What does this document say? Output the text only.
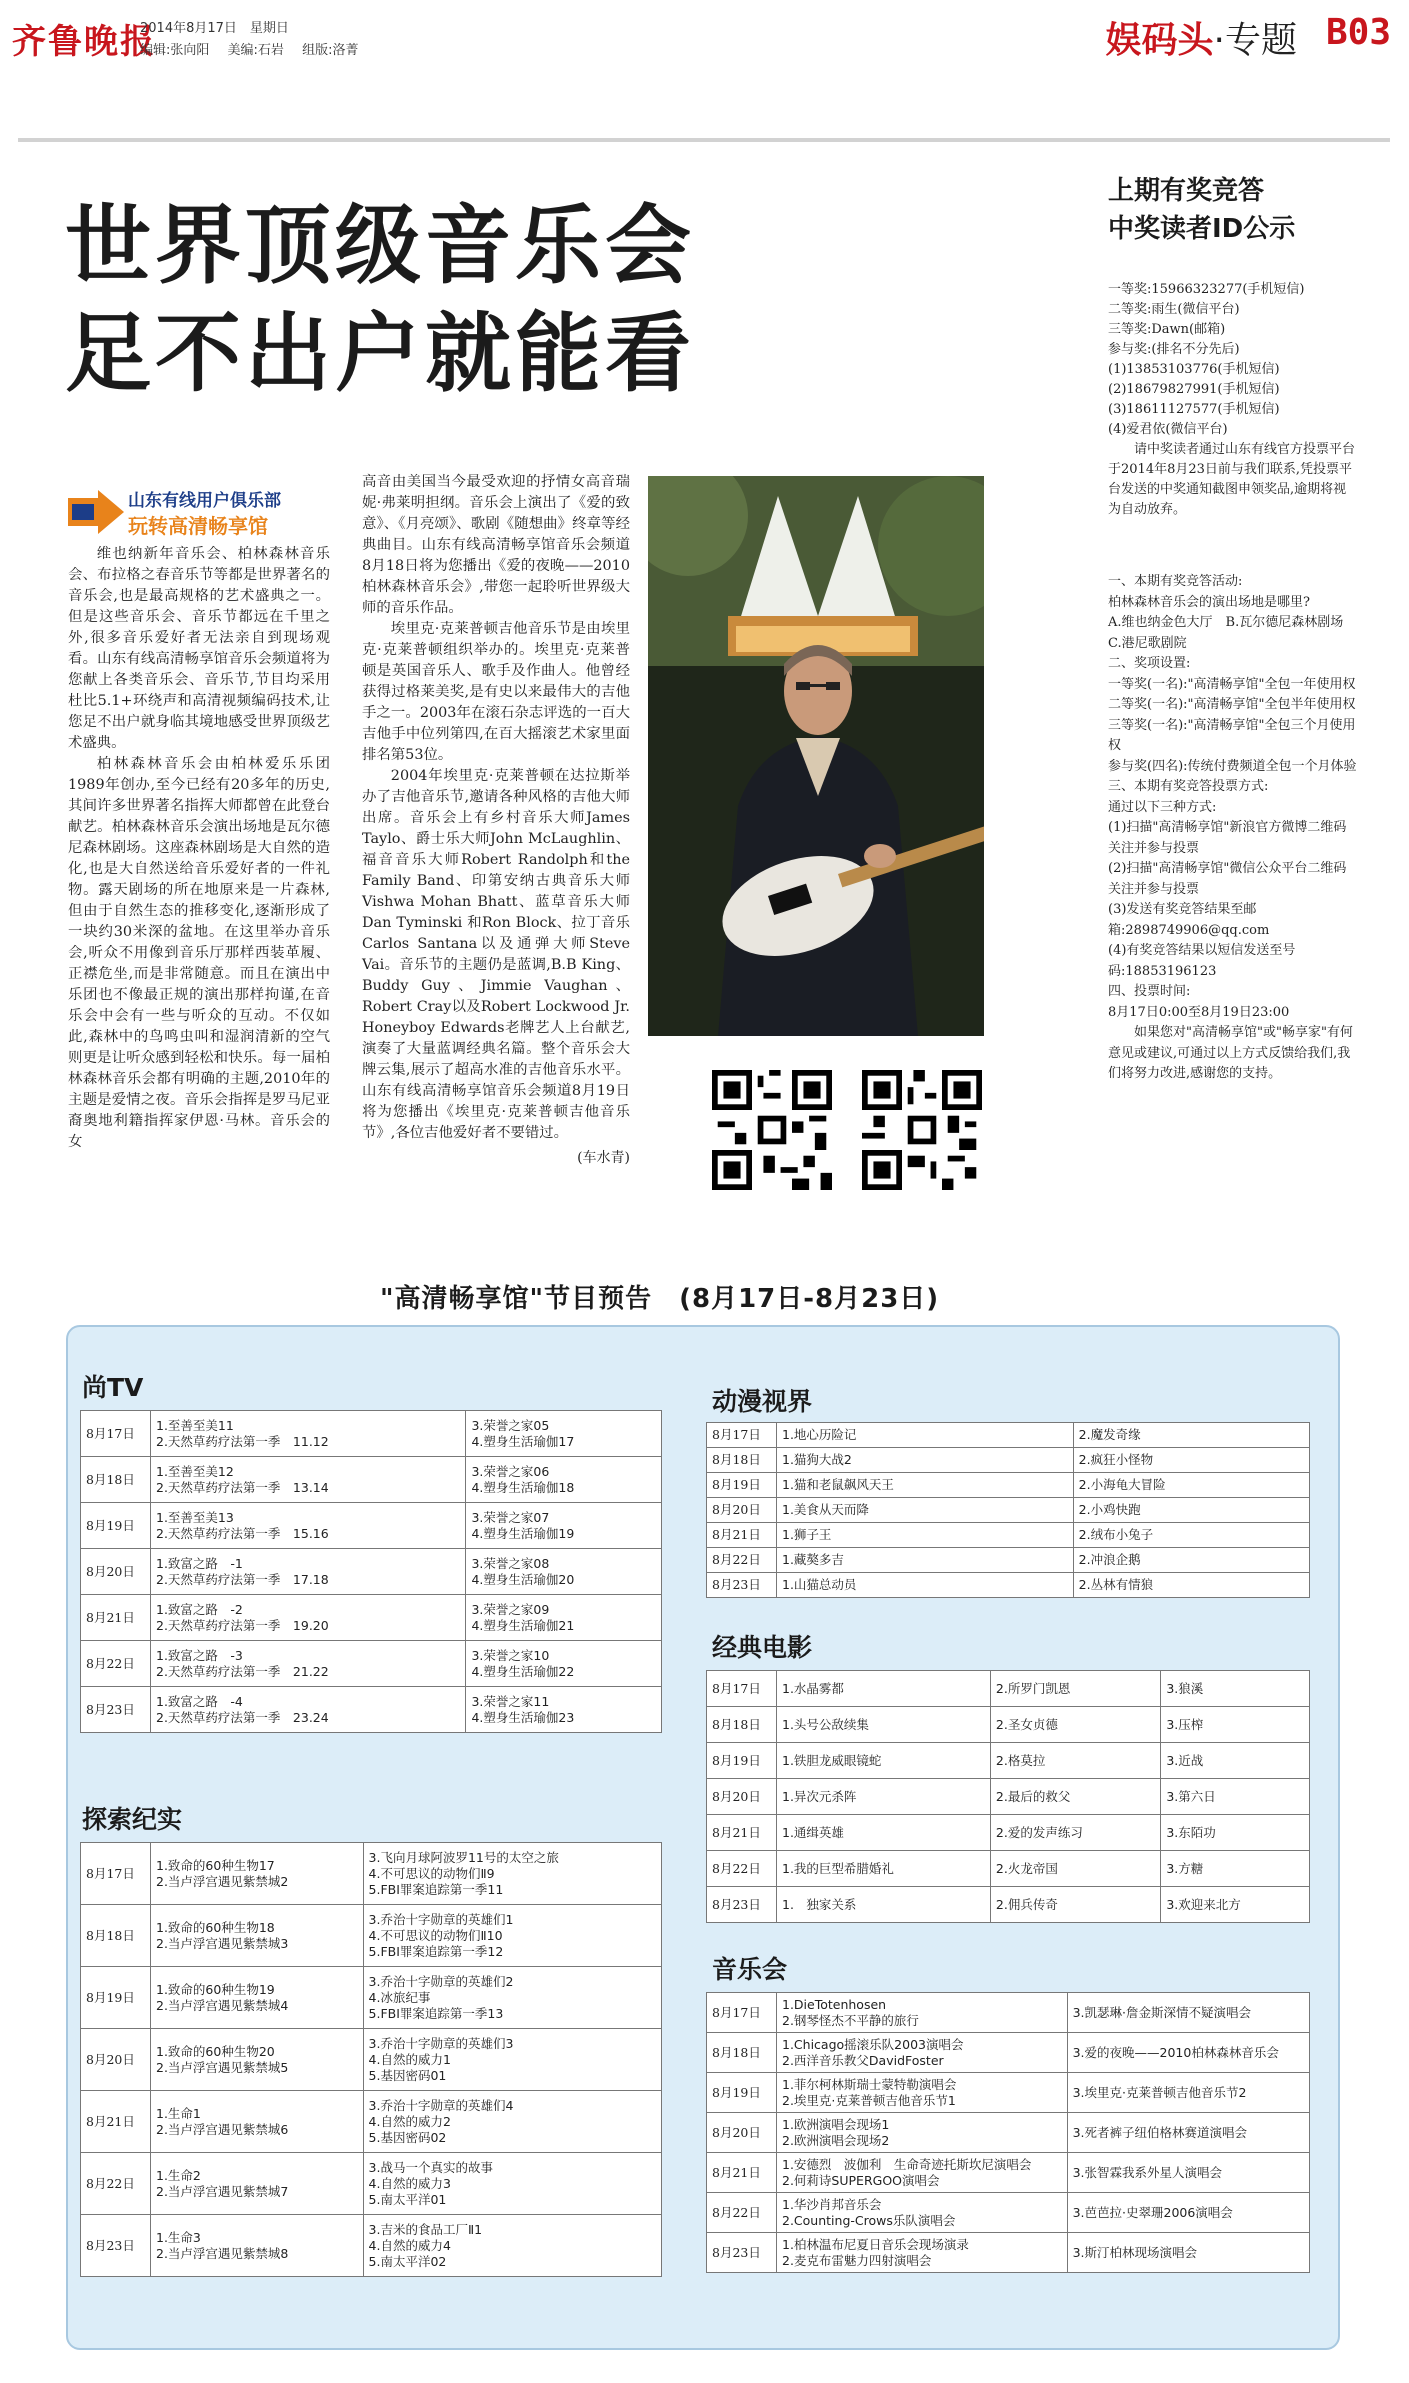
齐鲁晚报
2014年8月17日　星期日
编辑:张向阳 美编:石岩 组版:洛菁	娱码头·专题 B03
世界顶级音乐会
足不出户就能看
山东有线用户俱乐部
玩转高清畅享馆

维也纳新年音乐会、柏林森林音乐会、布拉格之春音乐节等都是世界著名的音乐会,也是最高规格的艺术盛典之一。但是这些音乐会、音乐节都远在千里之外,很多音乐爱好者无法亲自到现场观看。山东有线高清畅享馆音乐会频道将为您献上各类音乐会、音乐节,节目均采用杜比5.1+环绕声和高清视频编码技术,让您足不出户就身临其境地感受世界顶级艺术盛典。

柏林森林音乐会由柏林爱乐乐团1989年创办,至今已经有20多年的历史,其间许多世界著名指挥大师都曾在此登台献艺。柏林森林音乐会演出场地是瓦尔德尼森林剧场。这座森林剧场是大自然的造化,也是大自然送给音乐爱好者的一件礼物。露天剧场的所在地原来是一片森林,但由于自然生态的推移变化,逐渐形成了一块约30米深的盆地。在这里举办音乐会,听众不用像到音乐厅那样西装革履、正襟危坐,而是非常随意。而且在演出中乐团也不像最正规的演出那样拘谨,在音乐会中会有一些与听众的互动。不仅如此,森林中的鸟鸣虫叫和湿润清新的空气则更是让听众感到轻松和快乐。每一届柏林森林音乐会都有明确的主题,2010年的主题是爱情之夜。音乐会指挥是罗马尼亚裔奥地利籍指挥家伊恩·马林。音乐会的女

高音由美国当今最受欢迎的抒情女高音瑞妮·弗莱明担纲。音乐会上演出了《爱的致意》、《月亮颂》、歌剧《随想曲》终章等经典曲目。山东有线高清畅享馆音乐会频道8月18日将为您播出《爱的夜晚——2010柏林森林音乐会》,带您一起聆听世界级大师的音乐作品。

埃里克·克莱普顿吉他音乐节是由埃里克·克莱普顿组织举办的。埃里克·克莱普顿是英国音乐人、歌手及作曲人。他曾经获得过格莱美奖,是有史以来最伟大的吉他手之一。2003年在滚石杂志评选的一百大吉他手中位列第四,在百大摇滚艺术家里面排名第53位。

2004年埃里克·克莱普顿在达拉斯举办了吉他音乐节,邀请各种风格的吉他大师出席。音乐会上有乡村音乐大师James Taylo、爵士乐大师John McLaughlin、福音音乐大师Robert Randolph和the Family Band、印第安纳古典音乐大师Vishwa Mohan Bhatt、蓝草音乐大师Dan Tyminski 和Ron Block、拉丁音乐Carlos Santana以及通弹大师Steve Vai。音乐节的主题仍是蓝调,B.B King、Buddy Guy、Jimmie Vaughan、Robert Cray以及Robert Lockwood Jr. Honeyboy Edwards老牌艺人上台献艺,演奏了大量蓝调经典名篇。整个音乐会大牌云集,展示了超高水准的吉他音乐水平。山东有线高清畅享馆音乐会频道8月19日将为您播出《埃里克·克莱普顿吉他音乐节》,各位吉他爱好者不要错过。

(车水青)
上期有奖竞答
中奖读者ID公示
一等奖:15966323277(手机短信)
二等奖:雨生(微信平台)
三等奖:Dawn(邮箱)
参与奖:(排名不分先后)
(1)13853103776(手机短信)
(2)18679827991(手机短信)
(3)18611127577(手机短信)
(4)爱君依(微信平台)
请中奖读者通过山东有线官方投票平台于2014年8月23日前与我们联系,凭投票平台发送的中奖通知截图申领奖品,逾期将视为自动放弃。
一、本期有奖竞答活动:
柏林森林音乐会的演出场地是哪里?
A.维也纳金色大厅　B.瓦尔德尼森林剧场　C.港尼歌剧院
二、奖项设置:
一等奖(一名):"高清畅享馆"全包一年使用权
二等奖(一名):"高清畅享馆"全包半年使用权
三等奖(一名):"高清畅享馆"全包三个月使用权
参与奖(四名):传统付费频道全包一个月体验
三、本期有奖竞答投票方式:
通过以下三种方式:
(1)扫描"高清畅享馆"新浪官方微博二维码关注并参与投票
(2)扫描"高清畅享馆"微信公众平台二维码关注并参与投票
(3)发送有奖竞答结果至邮箱:2898749906@qq.com
(4)有奖竞答结果以短信发送至号码:18853196123
四、投票时间:
8月17日0:00至8月19日23:00
如果您对"高清畅享馆"或"畅享家"有何意见或建议,可通过以上方式反馈给我们,我们将努力改进,感谢您的支持。
"高清畅享馆"节目预告　(8月17日-8月23日)
尚TV
8月17日	1.至善至美11
2.天然草药疗法第一季　11.12	3.荣誉之家05
4.塑身生活瑜伽17

8月18日	1.至善至美12
2.天然草药疗法第一季　13.14	3.荣誉之家06
4.塑身生活瑜伽18

8月19日	1.至善至美13
2.天然草药疗法第一季　15.16	3.荣誉之家07
4.塑身生活瑜伽19

8月20日	1.致富之路　-1
2.天然草药疗法第一季　17.18	3.荣誉之家08
4.塑身生活瑜伽20

8月21日	1.致富之路　-2
2.天然草药疗法第一季　19.20	3.荣誉之家09
4.塑身生活瑜伽21

8月22日	1.致富之路　-3
2.天然草药疗法第一季　21.22	3.荣誉之家10
4.塑身生活瑜伽22

8月23日	1.致富之路　-4
2.天然草药疗法第一季　23.24	3.荣誉之家11
4.塑身生活瑜伽23
探索纪实
8月17日	1.致命的60种生物17
2.当卢浮宫遇见紫禁城2	3.飞向月球阿波罗11号的太空之旅
4.不可思议的动物们Ⅱ9
5.FBI罪案追踪第一季11

8月18日	1.致命的60种生物18
2.当卢浮宫遇见紫禁城3	3.乔治十字勋章的英雄们1
4.不可思议的动物们Ⅱ10
5.FBI罪案追踪第一季12

8月19日	1.致命的60种生物19
2.当卢浮宫遇见紫禁城4	3.乔治十字勋章的英雄们2
4.冰旅纪事
5.FBI罪案追踪第一季13

8月20日	1.致命的60种生物20
2.当卢浮宫遇见紫禁城5	3.乔治十字勋章的英雄们3
4.自然的威力1
5.基因密码01

8月21日	1.生命1
2.当卢浮宫遇见紫禁城6	3.乔治十字勋章的英雄们4
4.自然的威力2
5.基因密码02

8月22日	1.生命2
2.当卢浮宫遇见紫禁城7	3.战马一个真实的故事
4.自然的威力3
5.南太平洋01

8月23日	1.生命3
2.当卢浮宫遇见紫禁城8	3.吉米的食品工厂Ⅱ1
4.自然的威力4
5.南太平洋02
动漫视界
8月17日	1.地心历险记	2.魔发奇缘
8月18日	1.猫狗大战2	2.疯狂小怪物
8月19日	1.猫和老鼠飙风天王	2.小海龟大冒险
8月20日	1.美食从天而降	2.小鸡快跑
8月21日	1.狮子王	2.绒布小兔子
8月22日	1.藏獒多吉	2.冲浪企鹅
8月23日	1.山猫总动员	2.丛林有情狼
经典电影
8月17日	1.水晶雾都	2.所罗门凯恩	3.狼溪
8月18日	1.头号公敌续集	2.圣女贞德	3.压榨
8月19日	1.铁胆龙威眼镜蛇	2.格莫拉	3.近战
8月20日	1.异次元杀阵	2.最后的救父	3.第六日
8月21日	1.通缉英雄	2.爱的发声练习	3.东陌功
8月22日	1.我的巨型希腊婚礼	2.火龙帝国	3.方糖
8月23日	1.　独家关系	2.佣兵传奇	3.欢迎来北方
音乐会
8月17日	1.DieTotenhosen
2.钢琴怪杰不平静的旅行	3.凯瑟琳·詹金斯深情不疑演唱会

8月18日	1.Chicago摇滚乐队2003演唱会
2.西洋音乐教父DavidFoster	3.爱的夜晚——2010柏林森林音乐会

8月19日	1.菲尔柯林斯瑞士蒙特勒演唱会
2.埃里克·克莱普顿吉他音乐节1	3.埃里克·克莱普顿吉他音乐节2

8月20日	1.欧洲演唱会现场1
2.欧洲演唱会现场2	3.死者裤子纽伯格林赛道演唱会

8月21日	1.安德烈　波伽利　生命奇迹托斯坎尼演唱会
2.何莉诗SUPERGOO演唱会	3.张智霖我系外星人演唱会

8月22日	1.华沙肖邦音乐会
2.Counting-Crows乐队演唱会	3.芭芭拉·史翠珊2006演唱会

8月23日	1.柏林温布尼夏日音乐会现场演录
2.麦克布雷魅力四射演唱会	3.斯汀柏林现场演唱会
